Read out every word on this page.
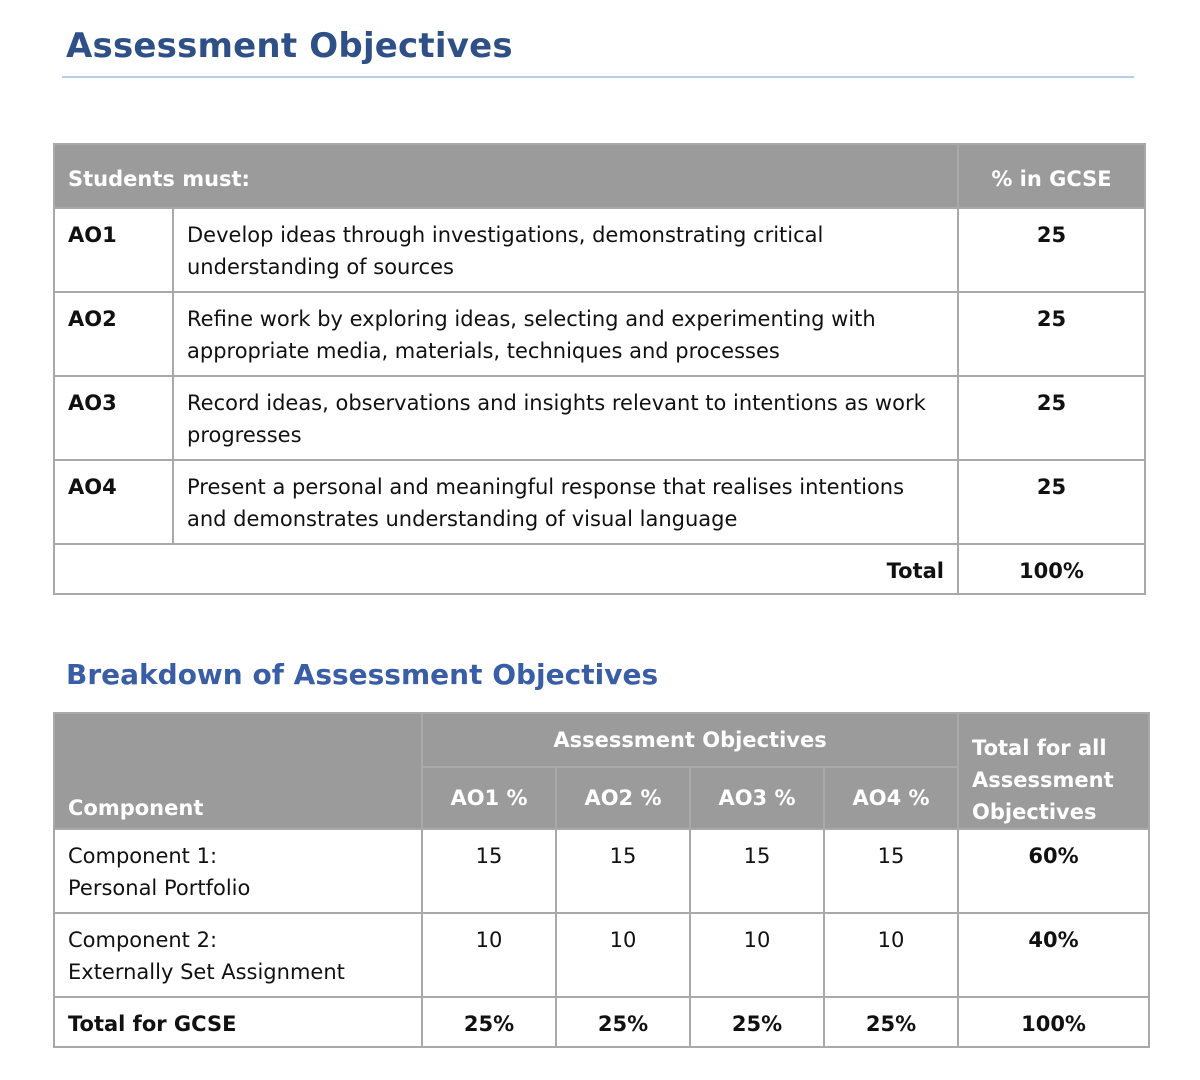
Assessment Objectives
Students must:		% in GCSE
AO1	Develop ideas through investigations, demonstrating critical understanding of sources	25
AO2	Refine work by exploring ideas, selecting and experimenting with appropriate media, materials, techniques and processes	25
AO3	Record ideas, observations and insights relevant to intentions as work progresses	25
AO4	Present a personal and meaningful response that realises intentions and demonstrates understanding of visual language	25
Total		100%
Breakdown of Assessment Objectives
Component	Assessment Objectives				Total for all Assessment Objectives
	AO1 %	AO2 %	AO3 %	AO4 %	
Component 1:
Personal Portfolio	15	15	15	15	60%
Component 2:
Externally Set Assignment	10	10	10	10	40%
Total for GCSE	25%	25%	25%	25%	100%
